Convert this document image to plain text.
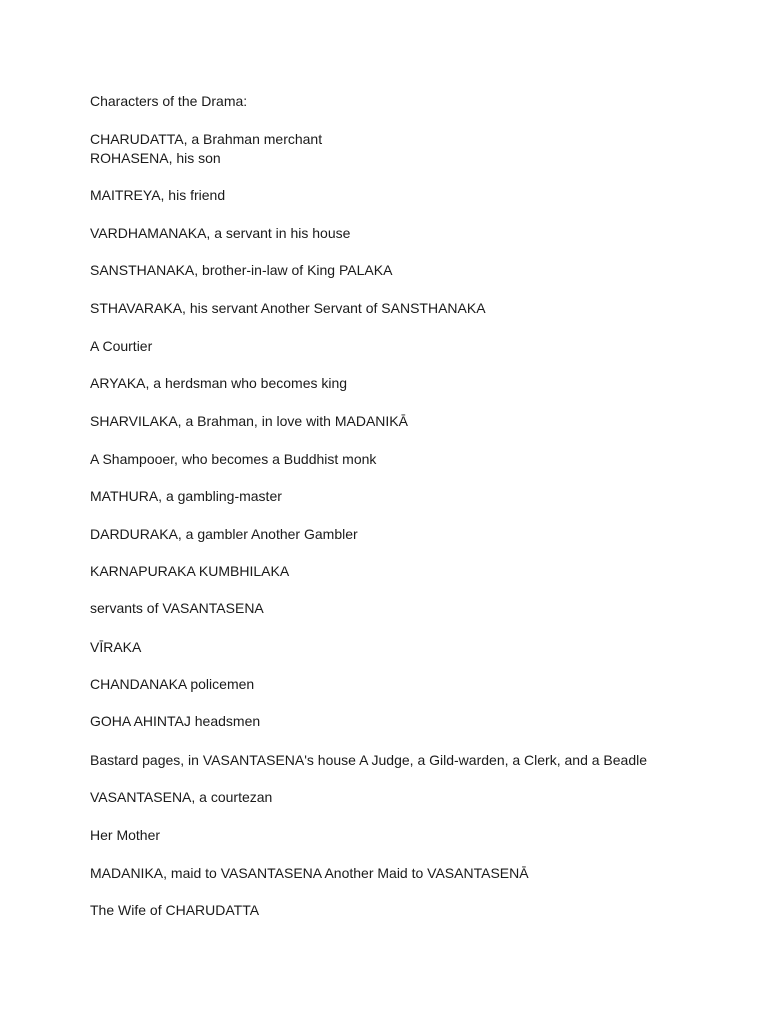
Characters of the Drama:
CHARUDATTA, a Brahman merchant
ROHASENA, his son
MAITREYA, his friend
VARDHAMANAKA, a servant in his house
SANSTHANAKA, brother-in-law of King PALAKA
STHAVARAKA, his servant Another Servant of SANSTHANAKA
A Courtier
ARYAKA, a herdsman who becomes king
SHARVILAKA, a Brahman, in love with MADANIKĀ
A Shampooer, who becomes a Buddhist monk
MATHURA, a gambling-master
DARDURAKA, a gambler Another Gambler
KARNAPURAKA KUMBHILAKA
servants of VASANTASENA
VĪRAKA
CHANDANAKA policemen
GOHA AHINTAJ headsmen
Bastard pages, in VASANTASENA's house A Judge, a Gild-warden, a Clerk, and a Beadle
VASANTASENA, a courtezan
Her Mother
MADANIKA, maid to VASANTASENA Another Maid to VASANTASENĀ
The Wife of CHARUDATTA
